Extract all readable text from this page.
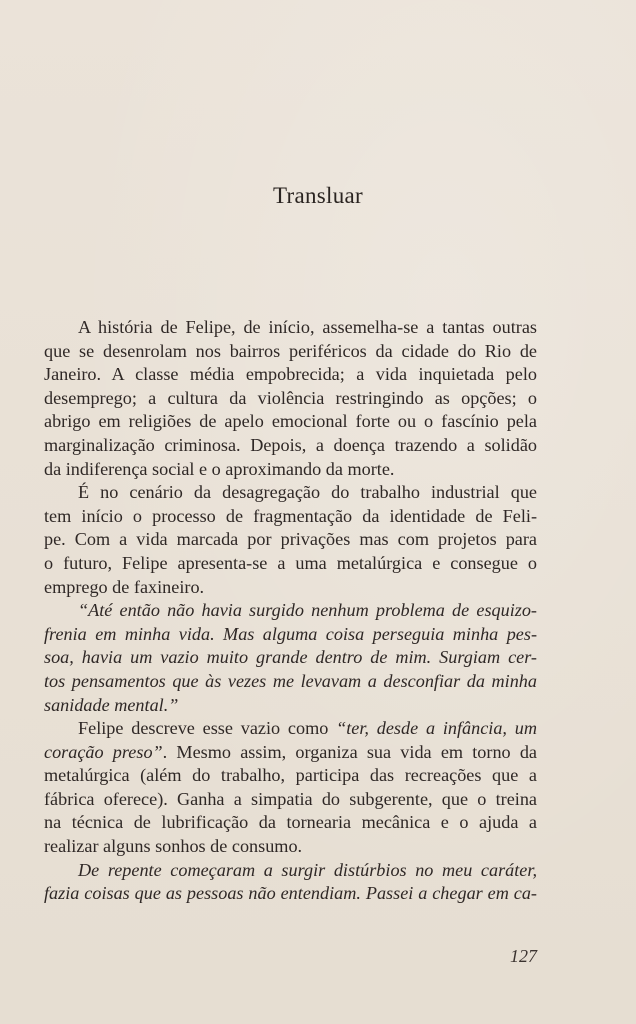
Transluar
A história de Felipe, de início, assemelha-se a tantas outras
que se desenrolam nos bairros periféricos da cidade do Rio de
Janeiro. A classe média empobrecida; a vida inquietada pelo
desemprego; a cultura da violência restringindo as opções; o
abrigo em religiões de apelo emocional forte ou o fascínio pela
marginalização criminosa. Depois, a doença trazendo a solidão
da indiferença social e o aproximando da morte.
É no cenário da desagregação do trabalho industrial que
tem início o processo de fragmentação da identidade de Feli-
pe. Com a vida marcada por privações mas com projetos para
o futuro, Felipe apresenta-se a uma metalúrgica e consegue o
emprego de faxineiro.
“Até então não havia surgido nenhum problema de esquizo-
frenia em minha vida. Mas alguma coisa perseguia minha pes-
soa, havia um vazio muito grande dentro de mim. Surgiam cer-
tos pensamentos que às vezes me levavam a desconfiar da minha
sanidade mental.”
Felipe descreve esse vazio como “ter, desde a infância, um
coração preso”. Mesmo assim, organiza sua vida em torno da
metalúrgica (além do trabalho, participa das recreações que a
fábrica oferece). Ganha a simpatia do subgerente, que o treina
na técnica de lubrificação da tornearia mecânica e o ajuda a
realizar alguns sonhos de consumo.
De repente começaram a surgir distúrbios no meu caráter,
fazia coisas que as pessoas não entendiam. Passei a chegar em ca-
127
